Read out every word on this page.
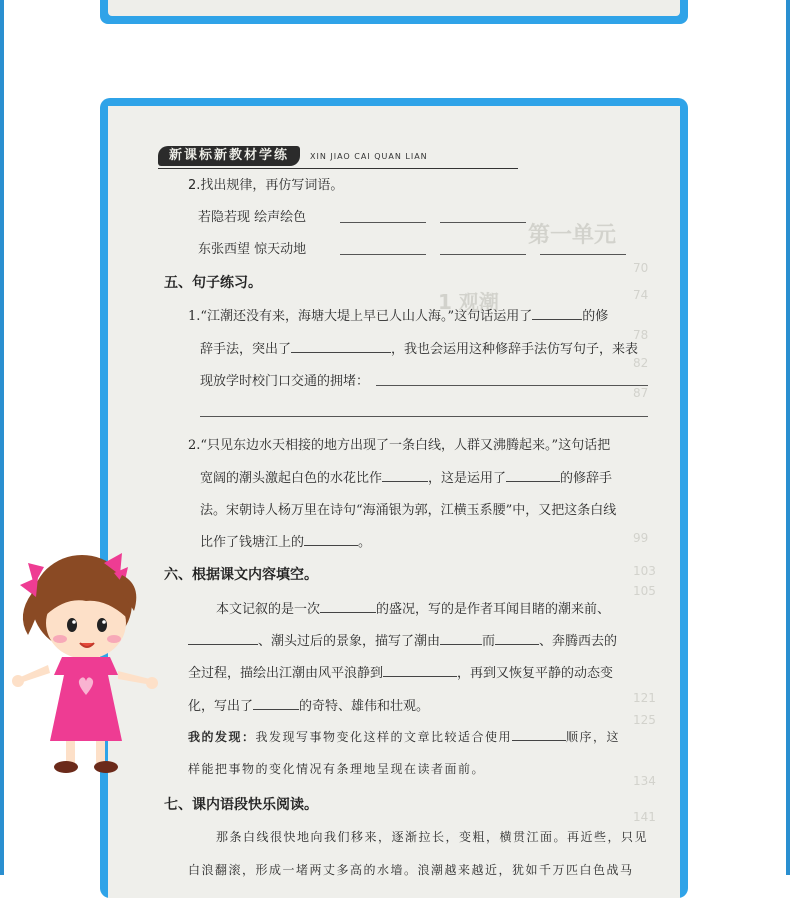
第一单元
1 观潮
70
74
78
82
87
99
103
105
121
125
134
141
新课标新教材学练	XIN JIAO CAI QUAN LIAN
2.找出规律，再仿写词语。
若隐若现 绘声绘色
东张西望 惊天动地
五、句子练习。
1.“江潮还没有来，海塘大堤上早已人山人海。”这句话运用了	的修
辞手法，突出了	，我也会运用这种修辞手法仿写句子，来表
现放学时校门口交通的拥堵：
2.“只见东边水天相接的地方出现了一条白线，人群又沸腾起来。”这句话把
宽阔的潮头激起白色的水花比作	，这是运用了	的修辞手
法。宋朝诗人杨万里在诗句“海涌银为郭，江横玉系腰”中，又把这条白线
比作了钱塘江上的	。
六、根据课文内容填空。
本文记叙的是一次	的盛况，写的是作者耳闻目睹的潮来前、
、潮头过后的景象，描写了潮由	而	、奔腾西去的
全过程，描绘出江潮由风平浪静到	，再到又恢复平静的动态变
化，写出了	的奇特、雄伟和壮观。
我的发现：我发现写事物变化这样的文章比较适合使用	顺序，这
样能把事物的变化情况有条理地呈现在读者面前。
七、课内语段快乐阅读。
那条白线很快地向我们移来，逐渐拉长，变粗，横贯江面。再近些，只见
白浪翻滚，形成一堵两丈多高的水墙。浪潮越来越近，犹如千万匹白色战马
